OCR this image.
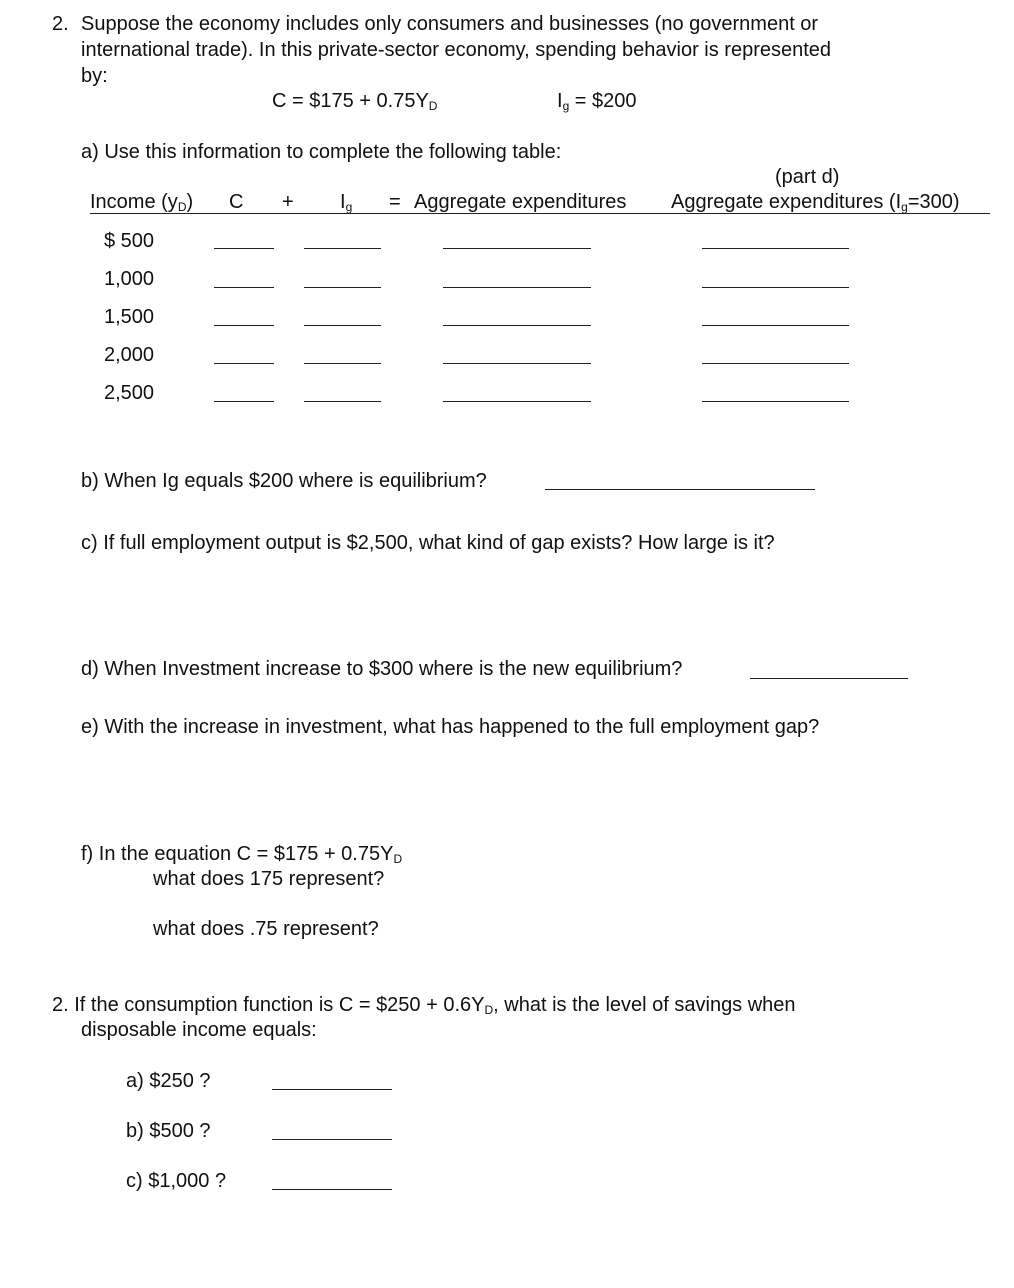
2. Suppose the economy includes only consumers and businesses (no government or
international trade). In this private-sector economy, spending behavior is represented
by:
C = $175 + $0.75Y_D$	$I_g$ = $200
a) Use this information to complete the following table:
(part d)
Income $(y_D) C + I_g$ = Aggregate expenditures Aggregate expenditures $(I_g=300)$
$ 500
1,000
1,500
2,000
2,500
b) When Ig equals $200 where is equilibrium?
c) If full employment output is $2,500, what kind of gap exists? How large is it?
d) When Investment increase to $300 where is the new equilibrium?
e) With the increase in investment, what has happened to the full employment gap?
f) In the equation C = $175 + $0.75Y_D$
what does 175 represent?
what does .75 represent?
2. If the consumption function is C = $250 + $0.6Y_D$, what is the level of savings when
disposable income equals:
a) $250 ?
b) $500 ?
c) $1,000 ?
